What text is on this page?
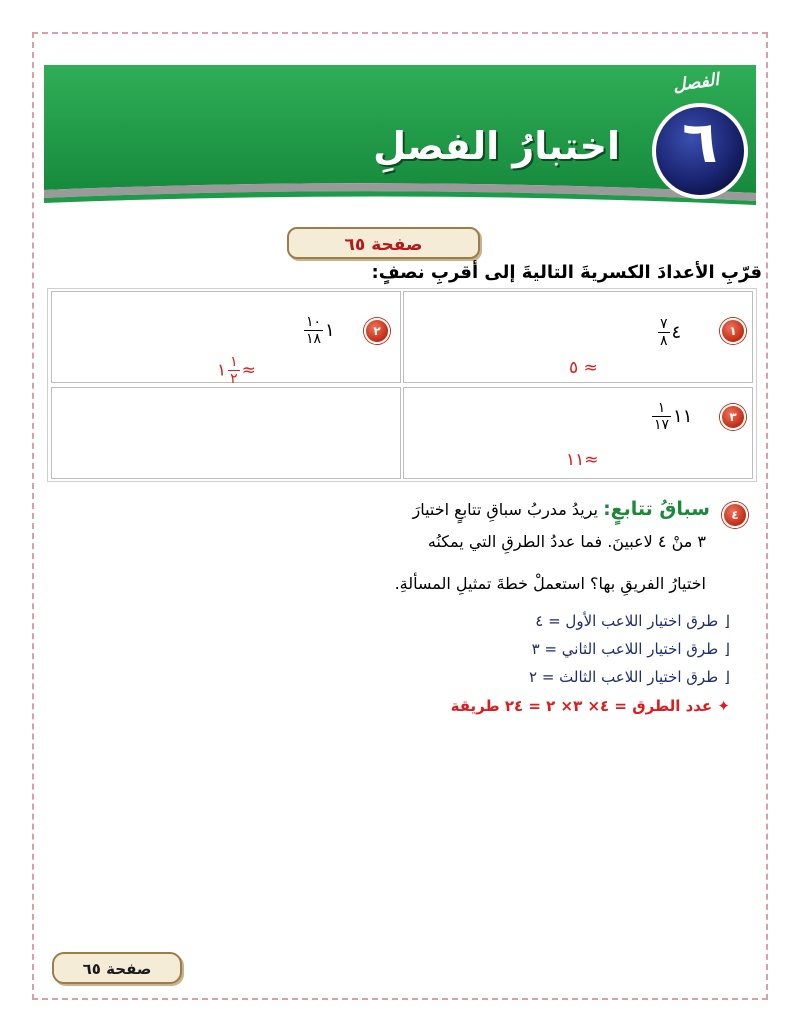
الفصل
٦
اختبارُ الفصلِ
صفحة ٦٥
قرّبِ الأعدادَ الكسريةَ التاليةَ إلى أقربِ نصفٍ:
١
$\frac{٧}{٨}$ ٤
≈ ٥
٢
$\frac{١٠}{١٨}$ ١
١ $\frac{١}{٢}$ ≈
٣
$\frac{١}{١٧}$ ١١
≈١١
٤
سباقُ تتابعٍ: يريدُ مدربُ سباقِ تتابعٍ اختيارَ
٣ منْ ٤ لاعبينَ. فما عددُ الطرقِ التي يمكنُه
اختيارُ الفريقِ بها؟ استعملْ خطةَ تمثيلِ المسألةِ.
⌊طرق اختيار اللاعب الأول = ٤
⌊طرق اختيار اللاعب الثاني = ٣
⌊طرق اختيار اللاعب الثالث = ٢
✦ عدد الطرق = ٤× ٣× ٢ = ٢٤ طريقة
صفحة ٦٥
